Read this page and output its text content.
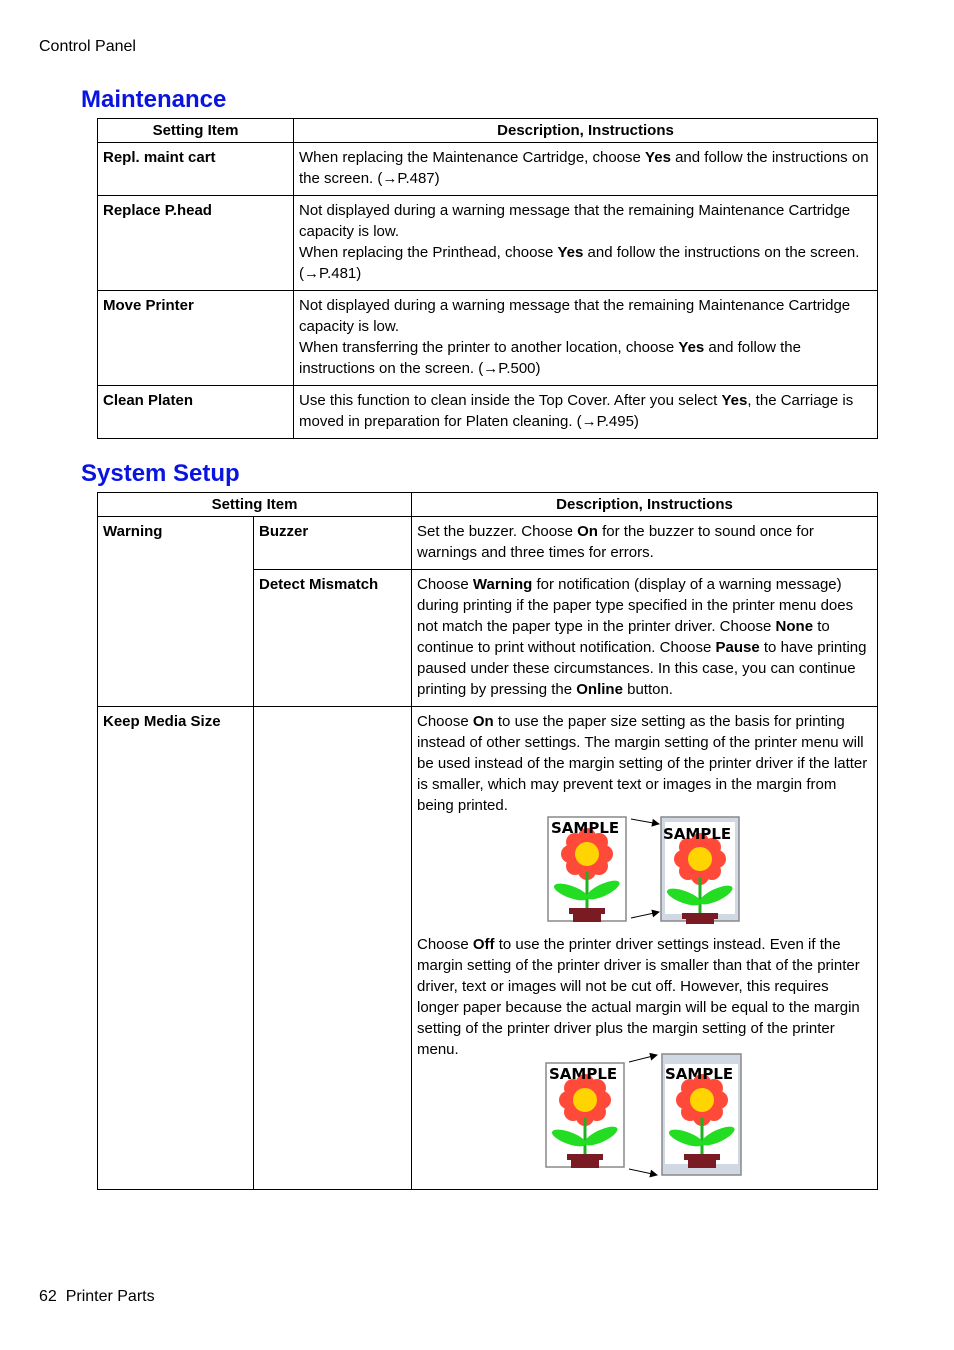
Control Panel
Maintenance
Setting Item	Description, Instructions
Repl. maint cart	When replacing the Maintenance Cartridge, choose Yes and follow the instructions on the screen. (→P.487)
Replace P.head	Not displayed during a warning message that the remaining Maintenance Cartridge capacity is low.
When replacing the Printhead, choose Yes and follow the instructions on the screen. (→P.481)
Move Printer	Not displayed during a warning message that the remaining Maintenance Cartridge capacity is low.
When transferring the printer to another location, choose Yes and follow the instructions on the screen. (→P.500)
Clean Platen	Use this function to clean inside the Top Cover. After you select Yes, the Carriage is moved in preparation for Platen cleaning. (→P.495)
System Setup
Setting Item		Description, Instructions
Warning	Buzzer	Set the buzzer. Choose On for the buzzer to sound once for warnings and three times for errors.
	Detect Mismatch	Choose Warning for notification (display of a warning message) during printing if the paper type specified in the printer menu does not match the paper type in the printer driver. Choose None to continue to print without notification. Choose Pause to have printing paused under these circumstances. In this case, you can continue printing by pressing the Online button.
Keep Media Size		Choose On to use the paper size setting as the basis for printing instead of other settings. The margin setting of the printer menu will be used instead of the margin setting of the printer driver if the latter is smaller, which may prevent text or images in the margin from being printed.
Choose Off to use the printer driver settings instead. Even if the margin setting of the printer driver is smaller than that of the printer driver, text or images will not be cut off. However, this requires longer paper because the actual margin will be equal to the margin setting of the printer driver plus the margin setting of the printer menu.
SAMPLE	SAMPLE
SAMPLE	SAMPLE
62 Printer Parts
